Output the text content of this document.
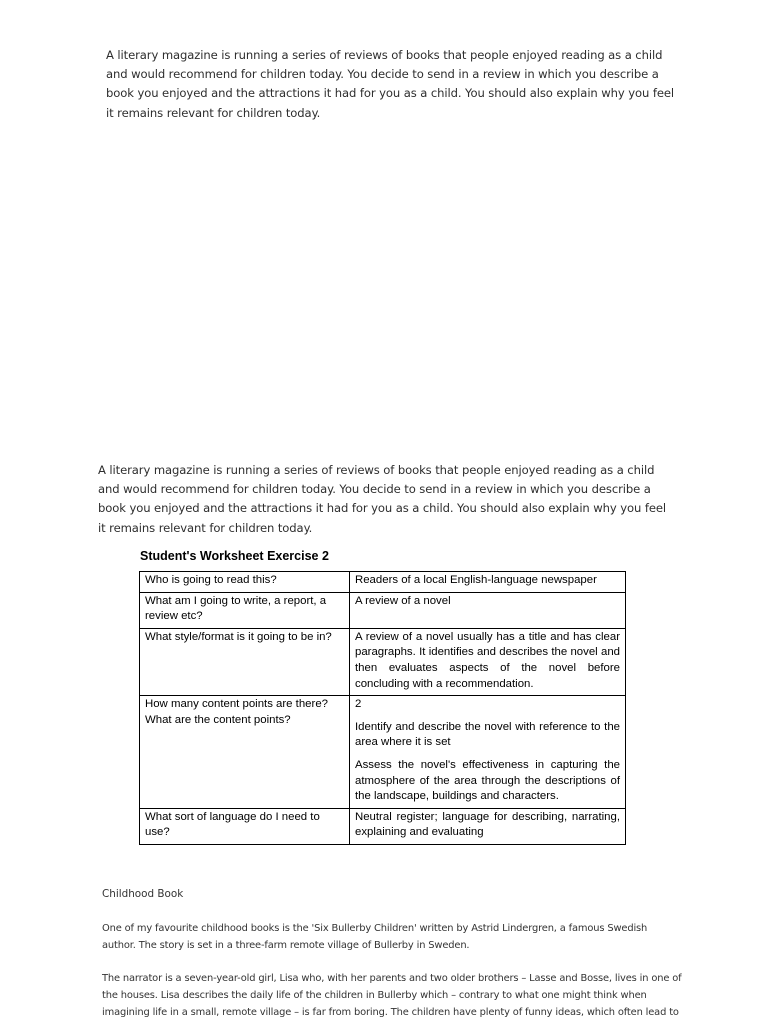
A literary magazine is running a series of reviews of books that people enjoyed reading as a child and would recommend for children today. You decide to send in a review in which you describe a book you enjoyed and the attractions it had for you as a child. You should also explain why you feel it remains relevant for children today.
A literary magazine is running a series of reviews of books that people enjoyed reading as a child and would recommend for children today. You decide to send in a review in which you describe a book you enjoyed and the attractions it had for you as a child. You should also explain why you feel it remains relevant for children today.
Student's Worksheet Exercise 2
Who is going to read this?	Readers of a local English-language newspaper

What am I going to write, a report, a review etc?	A review of a novel

What style/format is it going to be in?	A review of a novel usually has a title and has clear paragraphs. It identifies and describes the novel and then evaluates aspects of the novel before concluding with a recommendation.

How many content points are there? What are the content points?	2

Identify and describe the novel with reference to the area where it is set

Assess the novel's effectiveness in capturing the atmosphere of the area through the descriptions of the landscape, buildings and characters.

What sort of language do I need to use?	Neutral register; language for describing, narrating, explaining and evaluating

Childhood Book
One of my favourite childhood books is the 'Six Bullerby Children' written by Astrid Lindergren, a famous Swedish author. The story is set in a three-farm remote village of Bullerby in Sweden.
The narrator is a seven-year-old girl, Lisa who, with her parents and two older brothers – Lasse and Bosse, lives in one of the houses. Lisa describes the daily life of the children in Bullerby which – contrary to what one might think when imagining life in a small, remote village – is far from boring. The children have plenty of funny ideas, which often lead to
